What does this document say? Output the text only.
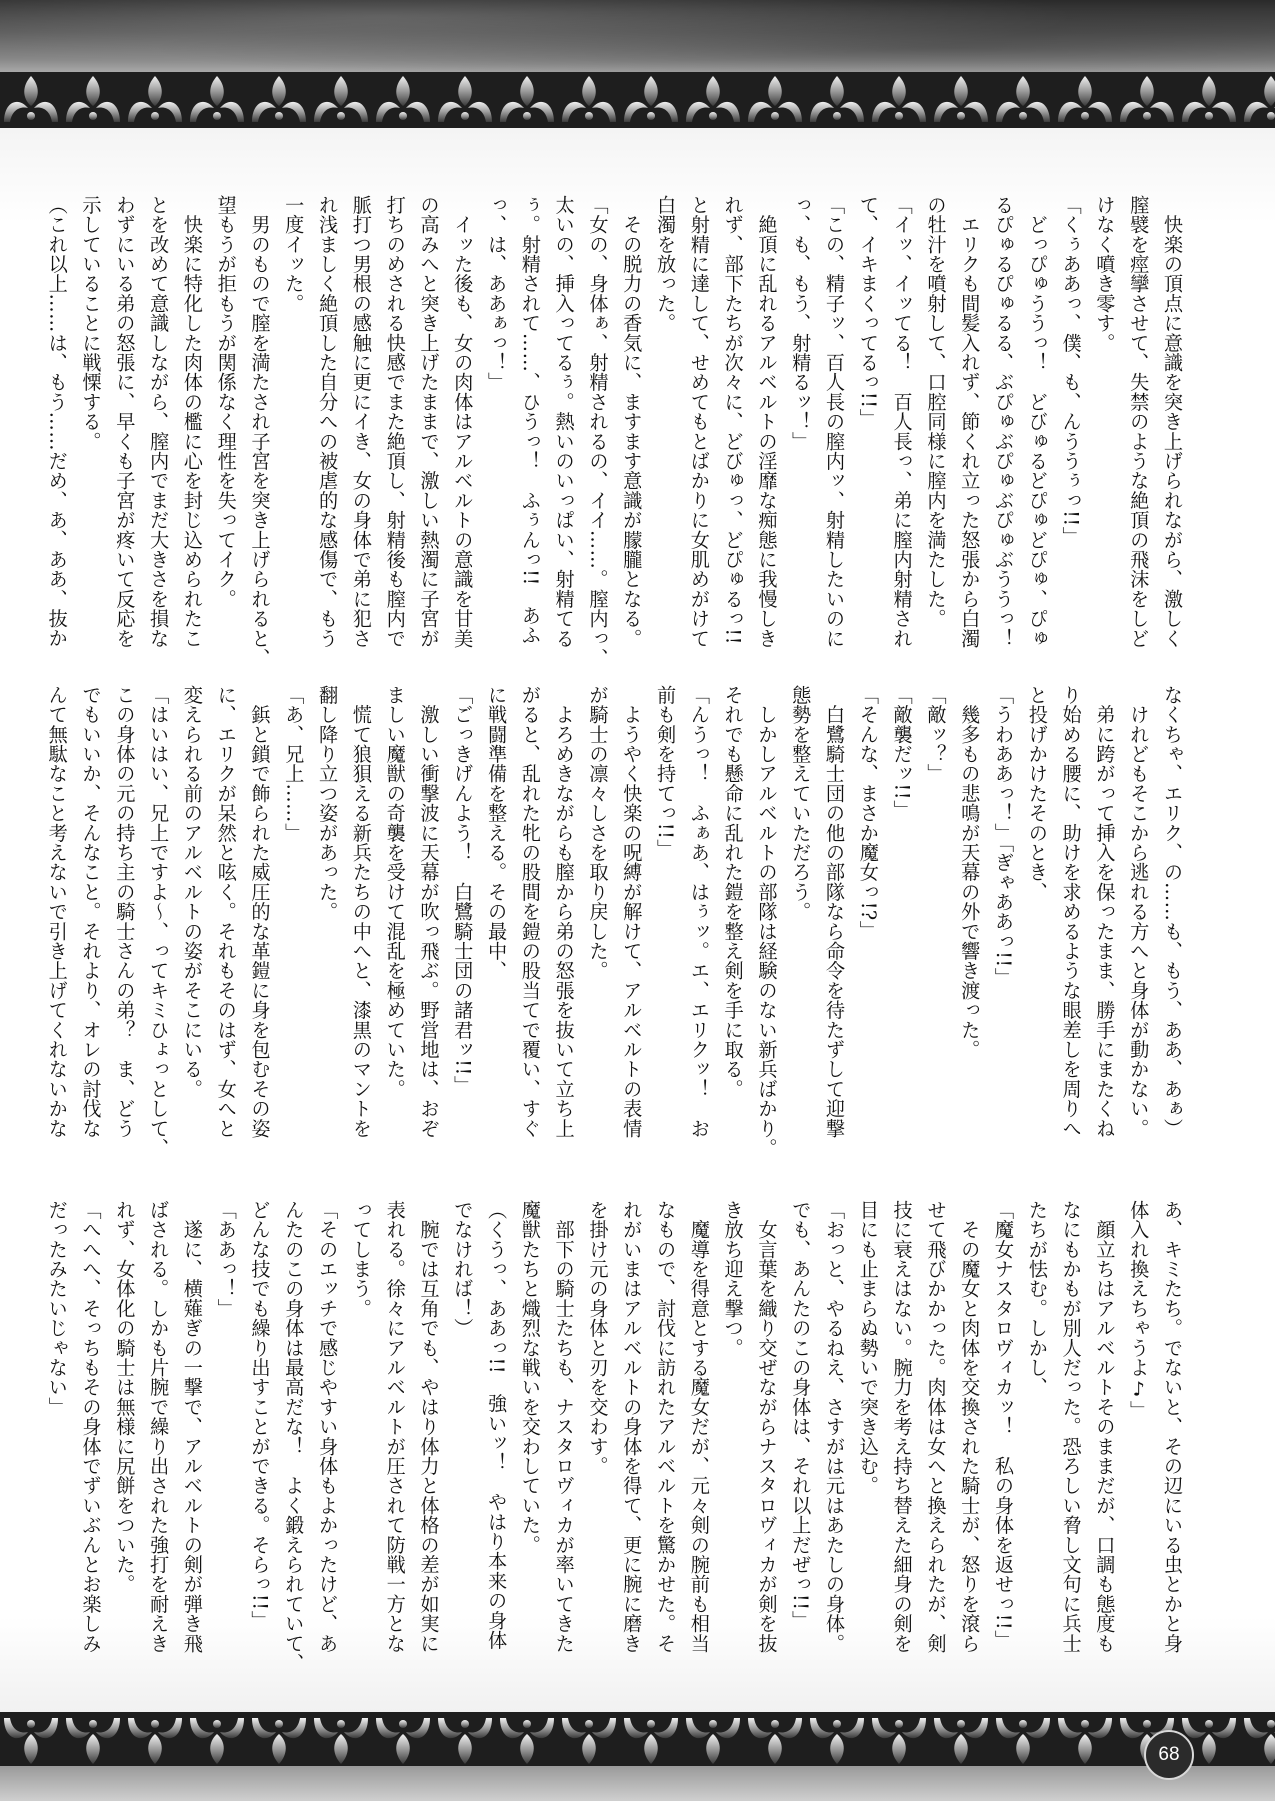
　快楽の頂点に意識を突き上げられながら、激しく

膣襞を痙攣させて、失禁のような絶頂の飛沫をしど

けなく噴き零す。

「くぅああっ、僕、も、んううぅっ!!」

　どっぴゅううっ！　どびゅるどぴゅどぴゅ、ぴゅ

るぴゅるぴゅるる、ぶぴゅぶぴゅぶぴゅぶううっ！

　エリクも間髪入れず、節くれ立った怒張から白濁

の牡汁を噴射して、口腔同様に膣内を満たした。

「イッ、イッてる！　百人長っ、弟に膣内射精され

て、イキまくってるっ!!」

「この、精子ッ、百人長の膣内ッ、射精したいのに

っ、も、もう、射精るッ！」

　絶頂に乱れるアルベルトの淫靡な痴態に我慢しき

れず、部下たちが次々に、どびゅっ、どぴゅるっ!!

と射精に達して、せめてもとばかりに女肌めがけて

白濁を放った。

　その脱力の香気に、ますます意識が朦朧となる。

「女の、身体ぁ、射精されるの、イイ……。膣内っ、

太いの、挿入ってるぅ。熱いのいっぱい、射精てる

ぅ。射精されて……、ひうっ！　ふぅんっ!!　あふ

っ、は、ああぁっ！」

　イッた後も、女の肉体はアルベルトの意識を甘美

の高みへと突き上げたままで、激しい熱濁に子宮が

打ちのめされる快感でまた絶頂し、射精後も膣内で

脈打つ男根の感触に更にイき、女の身体で弟に犯さ

れ浅ましく絶頂した自分への被虐的な感傷で、もう

一度イッた。

　男のもので膣を満たされ子宮を突き上げられると、

望もうが拒もうが関係なく理性を失ってイク。

　快楽に特化した肉体の檻に心を封じ込められたこ

とを改めて意識しながら、膣内でまだ大きさを損な

わずにいる弟の怒張に、早くも子宮が疼いて反応を

示していることに戦慄する。

（これ以上……は、もう……だめ、あ、ああ、抜か

なくちゃ、エリク、の……も、もう、ああ、あぁ）

　けれどもそこから逃れる方へと身体が動かない。

　弟に跨がって挿入を保ったまま、勝手にまたくね

り始める腰に、助けを求めるような眼差しを周りへ

と投げかけたそのとき、

「うわああっ！」「ぎゃああっ!!」

　幾多もの悲鳴が天幕の外で響き渡った。

「敵ッ？」

「敵襲だッ!!」

「そんな、まさか魔女っ!?」

　白鷺騎士団の他の部隊なら命令を待たずして迎撃

態勢を整えていただろう。

　しかしアルベルトの部隊は経験のない新兵ばかり。

それでも懸命に乱れた鎧を整え剣を手に取る。

「んうっ！　ふぁあ、はぅッ。エ、エリクッ！　お

前も剣を持てっ!!」

　ようやく快楽の呪縛が解けて、アルベルトの表情

が騎士の凛々しさを取り戻した。

　よろめきながらも膣から弟の怒張を抜いて立ち上

がると、乱れた牝の股間を鎧の股当てで覆い、すぐ

に戦闘準備を整える。その最中、

「ごっきげんよう！　白鷺騎士団の諸君ッ!!」

　激しい衝撃波に天幕が吹っ飛ぶ。野営地は、おぞ

ましい魔獣の奇襲を受けて混乱を極めていた。

　慌て狼狽える新兵たちの中へと、漆黒のマントを

翻し降り立つ姿があった。

「あ、兄上……」

　鋲と鎖で飾られた威圧的な革鎧に身を包むその姿

に、エリクが呆然と呟く。それもそのはず、女へと

変えられる前のアルベルトの姿がそこにいる。

「はいはい、兄上ですよ～、ってキミひょっとして、

この身体の元の持ち主の騎士さんの弟？　ま、どう

でもいいか、そんなこと。それより、オレの討伐な

んて無駄なこと考えないで引き上げてくれないかな

あ、キミたち。でないと、その辺にいる虫とかと身

体入れ換えちゃうよ♪」

　顔立ちはアルベルトそのままだが、口調も態度も

なにもかもが別人だった。恐ろしい脅し文句に兵士

たちが怯む。しかし、

「魔女ナスタロヴィカッ！　私の身体を返せっ!!」

　その魔女と肉体を交換された騎士が、怒りを滾ら

せて飛びかかった。肉体は女へと換えられたが、剣

技に衰えはない。腕力を考え持ち替えた細身の剣を

目にも止まらぬ勢いで突き込む。

「おっと、やるねえ、さすがは元はあたしの身体。

でも、あんたのこの身体は、それ以上だぜっ!!」

　女言葉を織り交ぜながらナスタロヴィカが剣を抜

き放ち迎え撃つ。

　魔導を得意とする魔女だが、元々剣の腕前も相当

なもので、討伐に訪れたアルベルトを驚かせた。そ

れがいまはアルベルトの身体を得て、更に腕に磨き

を掛け元の身体と刃を交わす。

　部下の騎士たちも、ナスタロヴィカが率いてきた

魔獣たちと熾烈な戦いを交わしていた。

（くうっ、ああっ!!　強いッ！　やはり本来の身体

でなければ！）

　腕では互角でも、やはり体力と体格の差が如実に

表れる。徐々にアルベルトが圧されて防戦一方とな

ってしまう。

「そのエッチで感じやすい身体もよかったけど、あ

んたのこの身体は最高だな！　よく鍛えられていて、

どんな技でも繰り出すことができる。そらっ!!」

「ああっ！」

　遂に、横薙ぎの一撃で、アルベルトの剣が弾き飛

ばされる。しかも片腕で繰り出された強打を耐えき

れず、女体化の騎士は無様に尻餅をついた。

「へへへ、そっちもその身体でずいぶんとお楽しみ

だったみたいじゃない」

68
